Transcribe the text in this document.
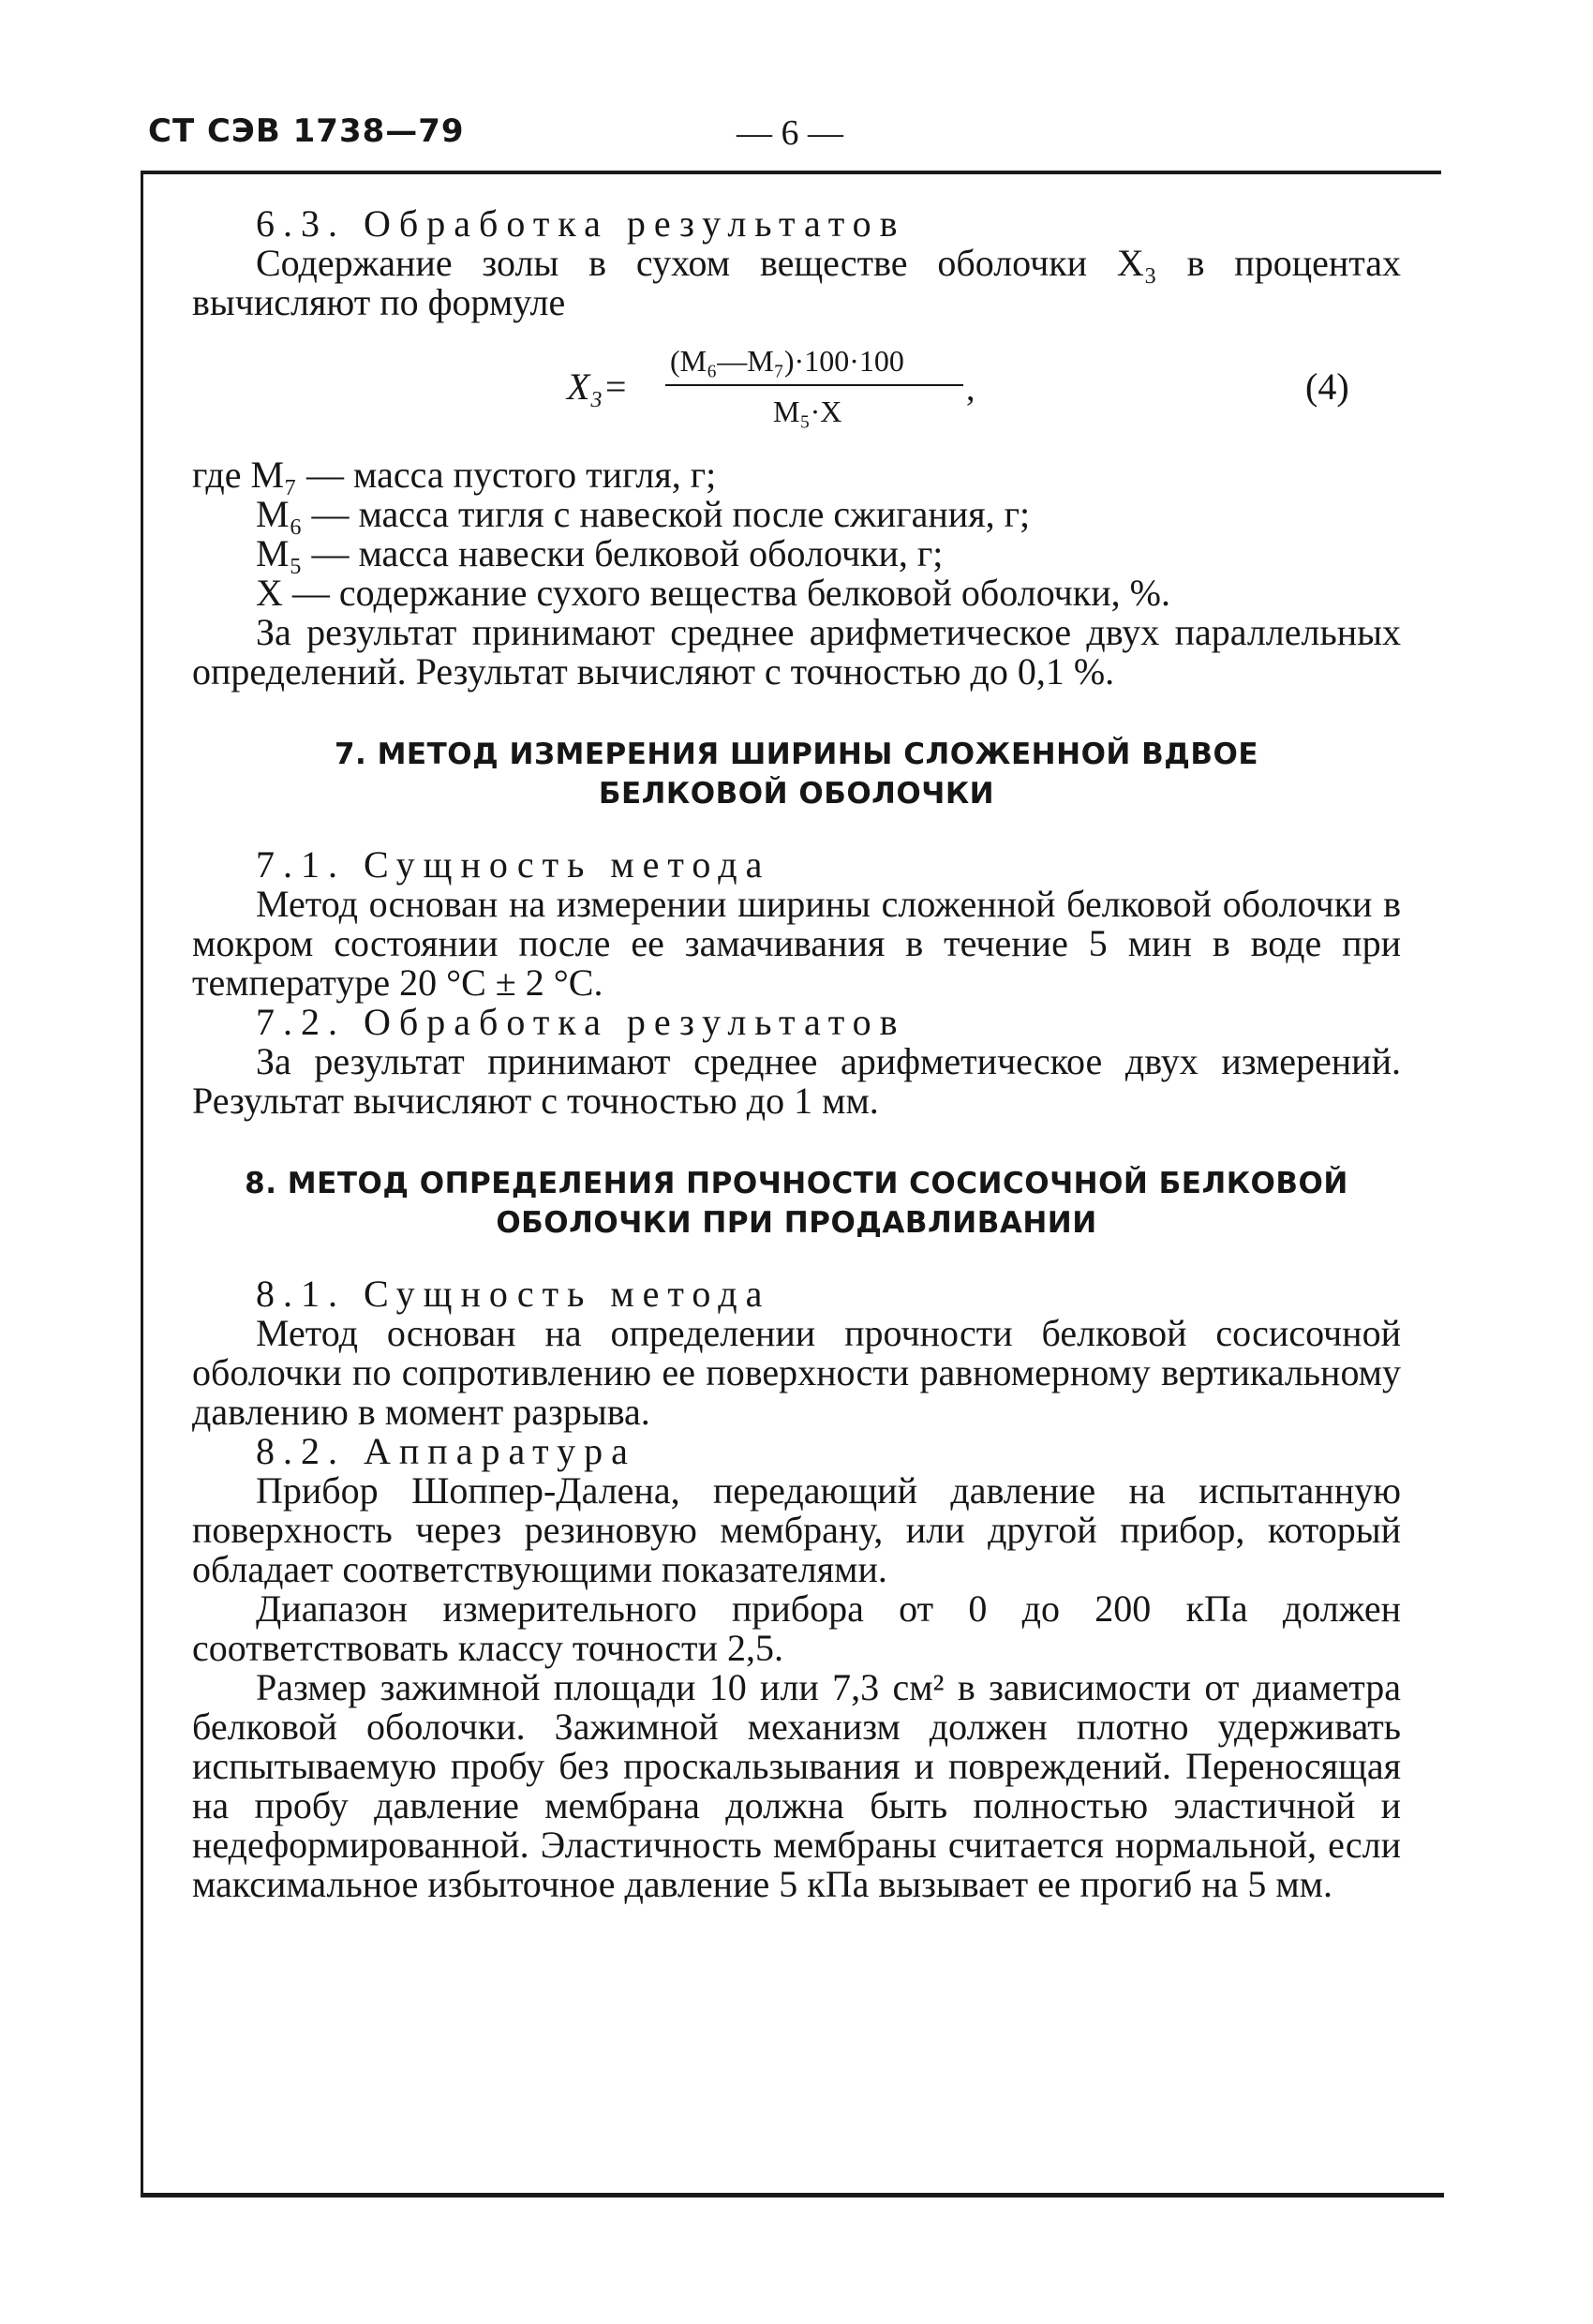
СТ СЭВ 1738—79	— 6 —

6.3. Обработка результатов

Содержание золы в сухом веществе оболочки X₃ в процентах вычисляют по формуле

X₃=
(M₆—M₇)·100·100
M₅·X
,	(4)
где M₇ — масса пустого тигля, г;
M₆ — масса тигля с навеской после сжигания, г;
M₅ — масса навески белковой оболочки, г;
X — содержание сухого вещества белковой оболочки, %.

За результат принимают среднее арифметическое двух параллельных определений. Результат вычисляют с точностью до 0,1 %.

7. МЕТОД ИЗМЕРЕНИЯ ШИРИНЫ СЛОЖЕННОЙ ВДВОЕ
БЕЛКОВОЙ ОБОЛОЧКИ

7.1. Сущность метода

Метод основан на измерении ширины сложенной белковой оболочки в мокром состоянии после ее замачивания в течение 5 мин в воде при температуре 20 °C ± 2 °C.

7.2. Обработка результатов

За результат принимают среднее арифметическое двух измерений. Результат вычисляют с точностью до 1 мм.

8. МЕТОД ОПРЕДЕЛЕНИЯ ПРОЧНОСТИ СОСИСОЧНОЙ БЕЛКОВОЙ
ОБОЛОЧКИ ПРИ ПРОДАВЛИВАНИИ

8.1. Сущность метода

Метод основан на определении прочности белковой сосисочной оболочки по сопротивлению ее поверхности равномерному вертикальному давлению в момент разрыва.

8.2. Аппаратура

Прибор Шоппер-Далена, передающий давление на испытанную поверхность через резиновую мембрану, или другой прибор, который обладает соответствующими показателями.

Диапазон измерительного прибора от 0 до 200 кПа должен соответствовать классу точности 2,5.

Размер зажимной площади 10 или 7,3 см² в зависимости от диаметра белковой оболочки. Зажимной механизм должен плотно удерживать испытываемую пробу без проскальзывания и повреждений. Переносящая на пробу давление мембрана должна быть полностью эластичной и недеформированной. Эластичность мембраны считается нормальной, если максимальное избыточное давление 5 кПа вызывает ее прогиб на 5 мм.
